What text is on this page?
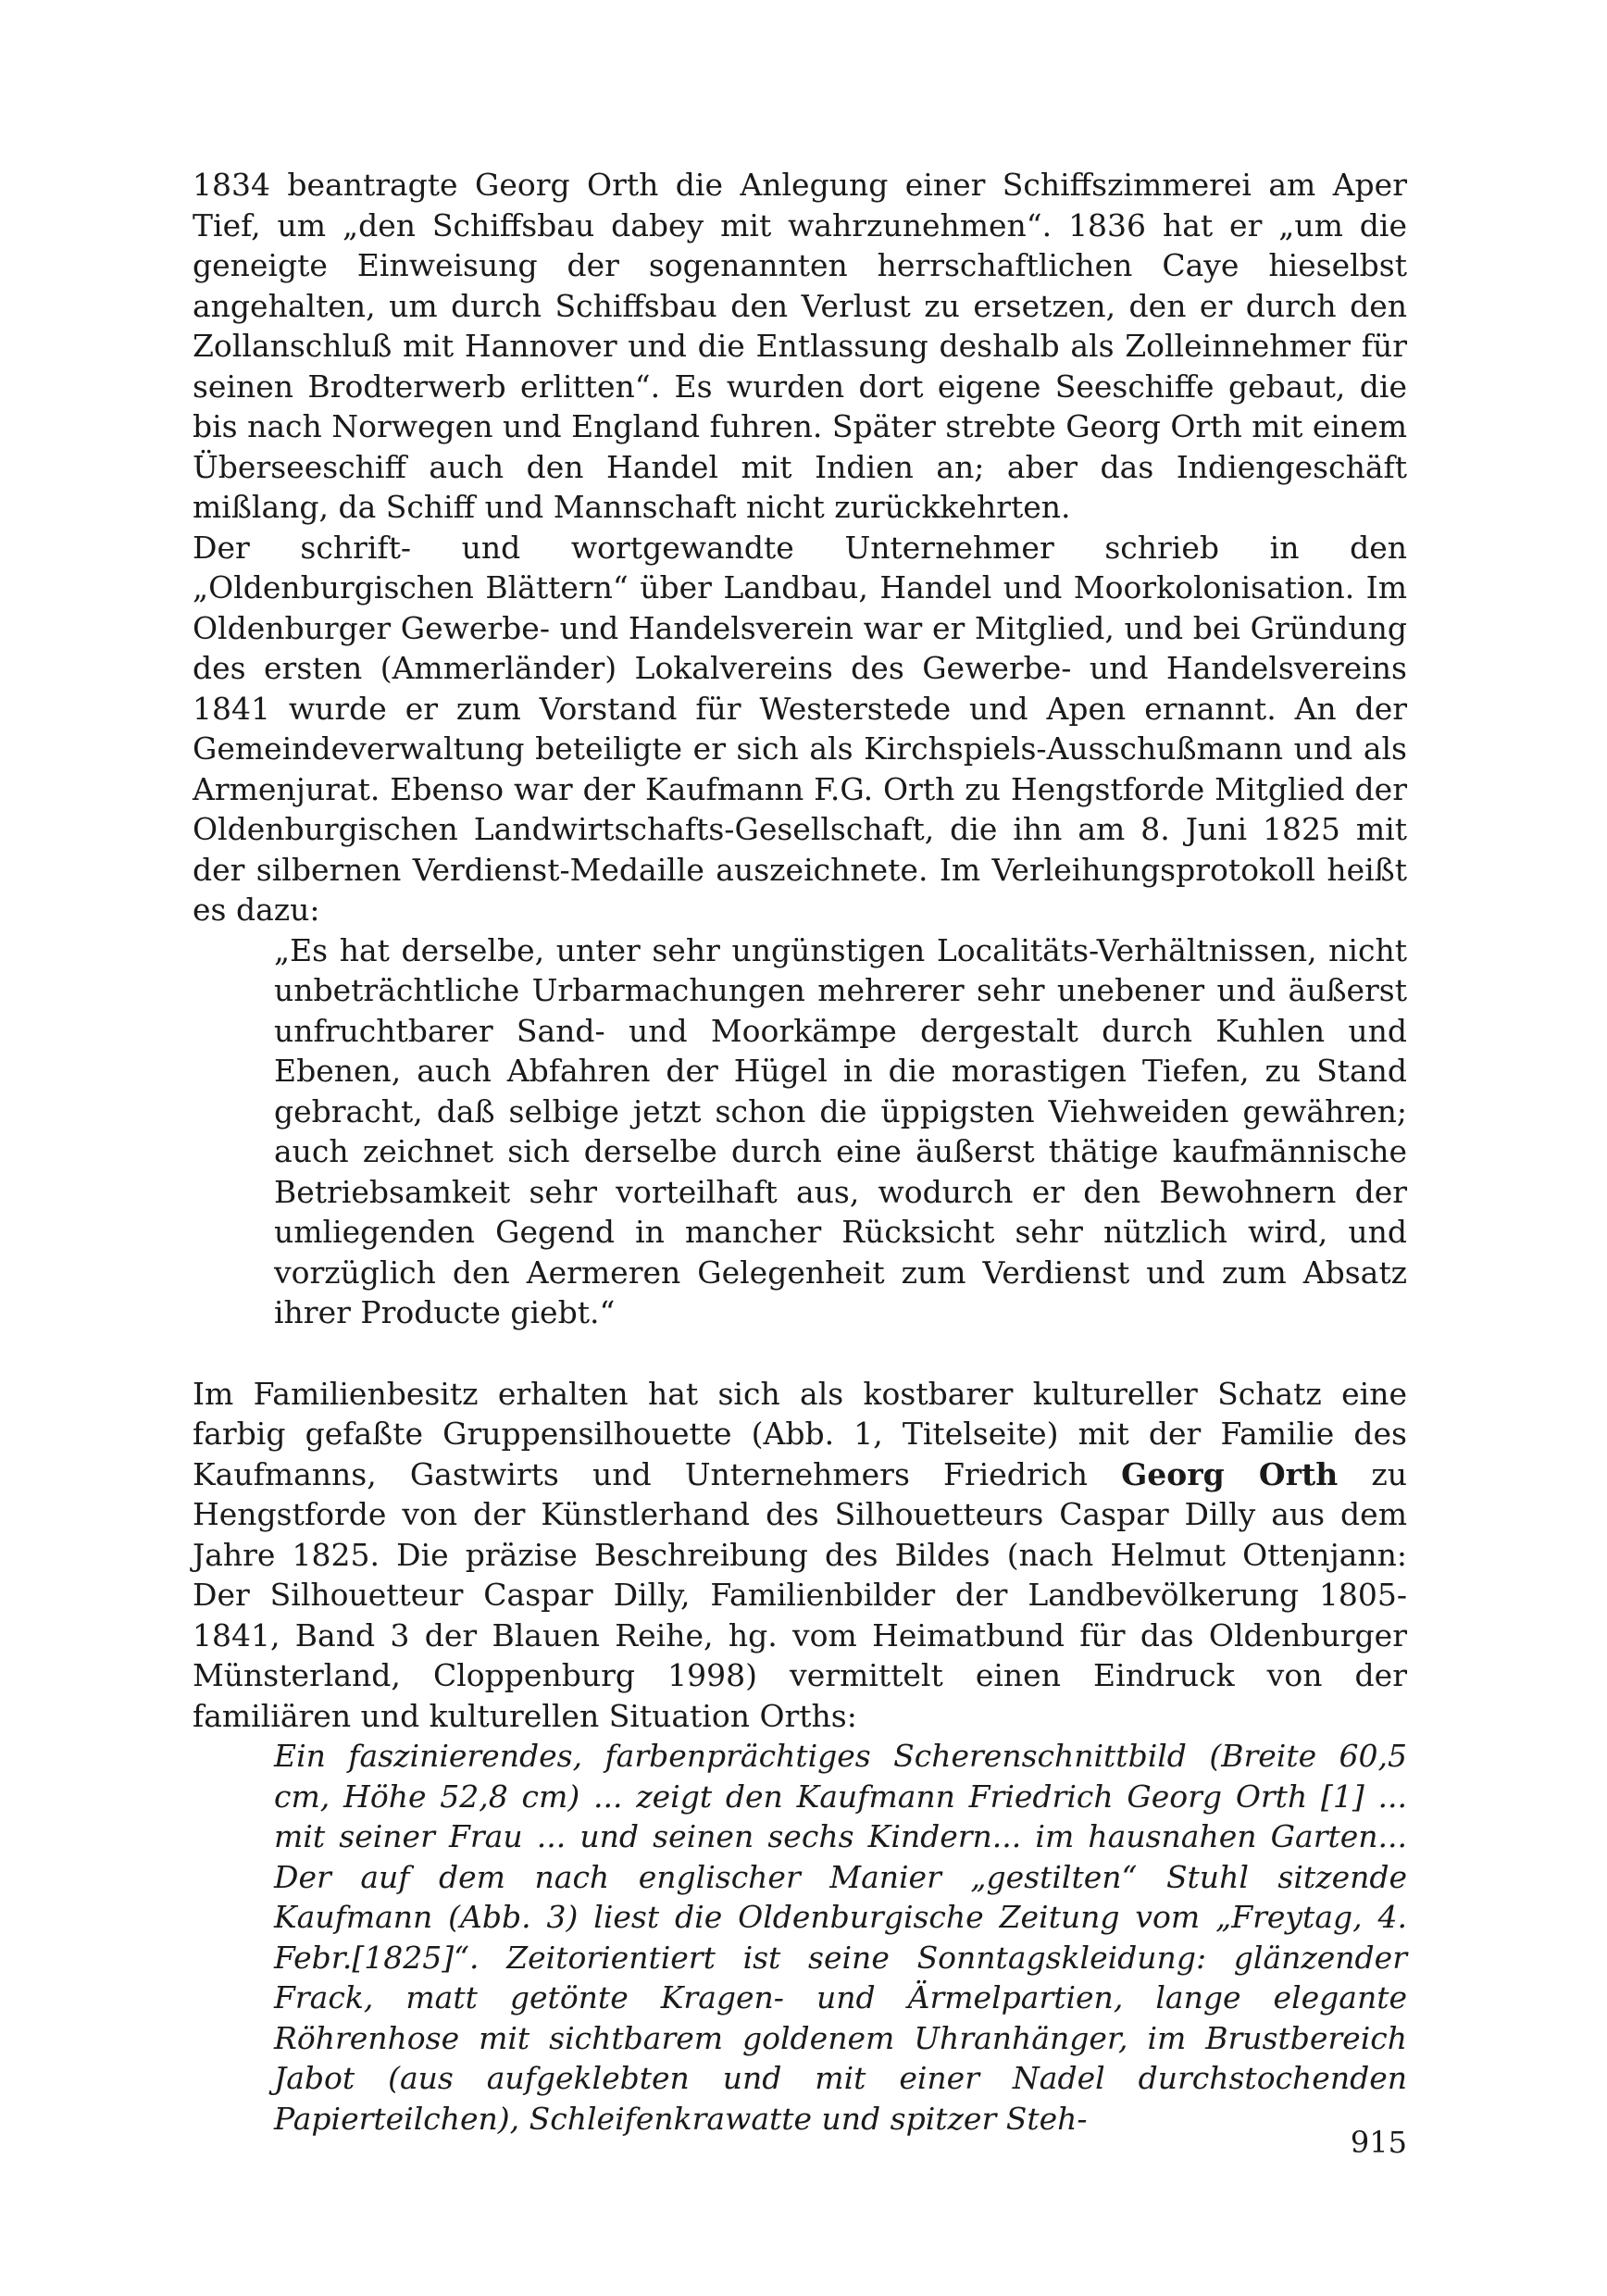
1834 beantragte Georg Orth die Anlegung einer Schiffszimmerei am Aper Tief, um „den Schiffsbau dabey mit wahrzunehmen“. 1836 hat er „um die geneigte Einweisung der sogenannten herrschaftlichen Caye hieselbst angehalten, um durch Schiffsbau den Verlust zu ersetzen, den er durch den Zollanschluß mit Hannover und die Entlassung deshalb als Zolleinnehmer für seinen Brodterwerb erlitten“. Es wurden dort eigene Seeschiffe gebaut, die bis nach Norwegen und England fuhren. Später strebte Georg Orth mit einem Überseeschiff auch den Handel mit Indien an; aber das Indiengeschäft mißlang, da Schiff und Mannschaft nicht zurückkehrten.

Der schrift- und wortgewandte Unternehmer schrieb in den „Oldenburgischen Blättern“ über Landbau, Handel und Moorkolonisation. Im Oldenburger Gewerbe- und Handelsverein war er Mitglied, und bei Gründung des ersten (Ammerländer) Lokalvereins des Gewerbe- und Handelsvereins 1841 wurde er zum Vorstand für Westerstede und Apen ernannt. An der Gemeindeverwaltung beteiligte er sich als Kirchspiels-Ausschußmann und als Armenjurat. Ebenso war der Kaufmann F.G. Orth zu Hengstforde Mitglied der Oldenburgischen Landwirtschafts-Gesellschaft, die ihn am 8. Juni 1825 mit der silbernen Verdienst-Medaille auszeichnete. Im Verleihungsprotokoll heißt es dazu:

„Es hat derselbe, unter sehr ungünstigen Localitäts-Verhältnissen, nicht unbeträchtliche Urbarmachungen mehrerer sehr unebener und äußerst unfruchtbarer Sand- und Moorkämpe dergestalt durch Kuhlen und Ebenen, auch Abfahren der Hügel in die morastigen Tiefen, zu Stand gebracht, daß selbige jetzt schon die üppigsten Viehweiden gewähren; auch zeichnet sich derselbe durch eine äußerst thätige kaufmännische Betriebsamkeit sehr vorteilhaft aus, wodurch er den Bewohnern der umliegenden Gegend in mancher Rücksicht sehr nützlich wird, und vorzüglich den Aermeren Gelegenheit zum Verdienst und zum Absatz ihrer Producte giebt.“

Im Familienbesitz erhalten hat sich als kostbarer kultureller Schatz eine farbig gefaßte Gruppensilhouette (Abb. 1, Titelseite) mit der Familie des Kaufmanns, Gastwirts und Unternehmers Friedrich Georg Orth zu Hengstforde von der Künstlerhand des Silhouetteurs Caspar Dilly aus dem Jahre 1825. Die präzise Beschreibung des Bildes (nach Helmut Ottenjann: Der Silhouetteur Caspar Dilly, Familienbilder der Landbevölkerung 1805-1841, Band 3 der Blauen Reihe, hg. vom Heimatbund für das Oldenburger Münsterland, Cloppenburg 1998) vermittelt einen Eindruck von der familiären und kulturellen Situation Orths:

Ein faszinierendes, farbenprächtiges Scherenschnittbild (Breite 60,5 cm, Höhe 52,8 cm) ... zeigt den Kaufmann Friedrich Georg Orth [1] ... mit seiner Frau ... und seinen sechs Kindern... im hausnahen Garten... Der auf dem nach englischer Manier „gestilten“ Stuhl sitzende Kaufmann (Abb. 3) liest die Oldenburgische Zeitung vom „Freytag, 4. Febr.[1825]“. Zeitorientiert ist seine Sonntagskleidung: glänzender Frack, matt getönte Kragen- und Ärmelpartien, lange elegante Röhrenhose mit sichtbarem goldenem Uhranhänger, im Brustbereich Jabot (aus aufgeklebten und mit einer Nadel durchstochenden Papierteilchen), Schleifenkrawatte und spitzer Steh-

915
